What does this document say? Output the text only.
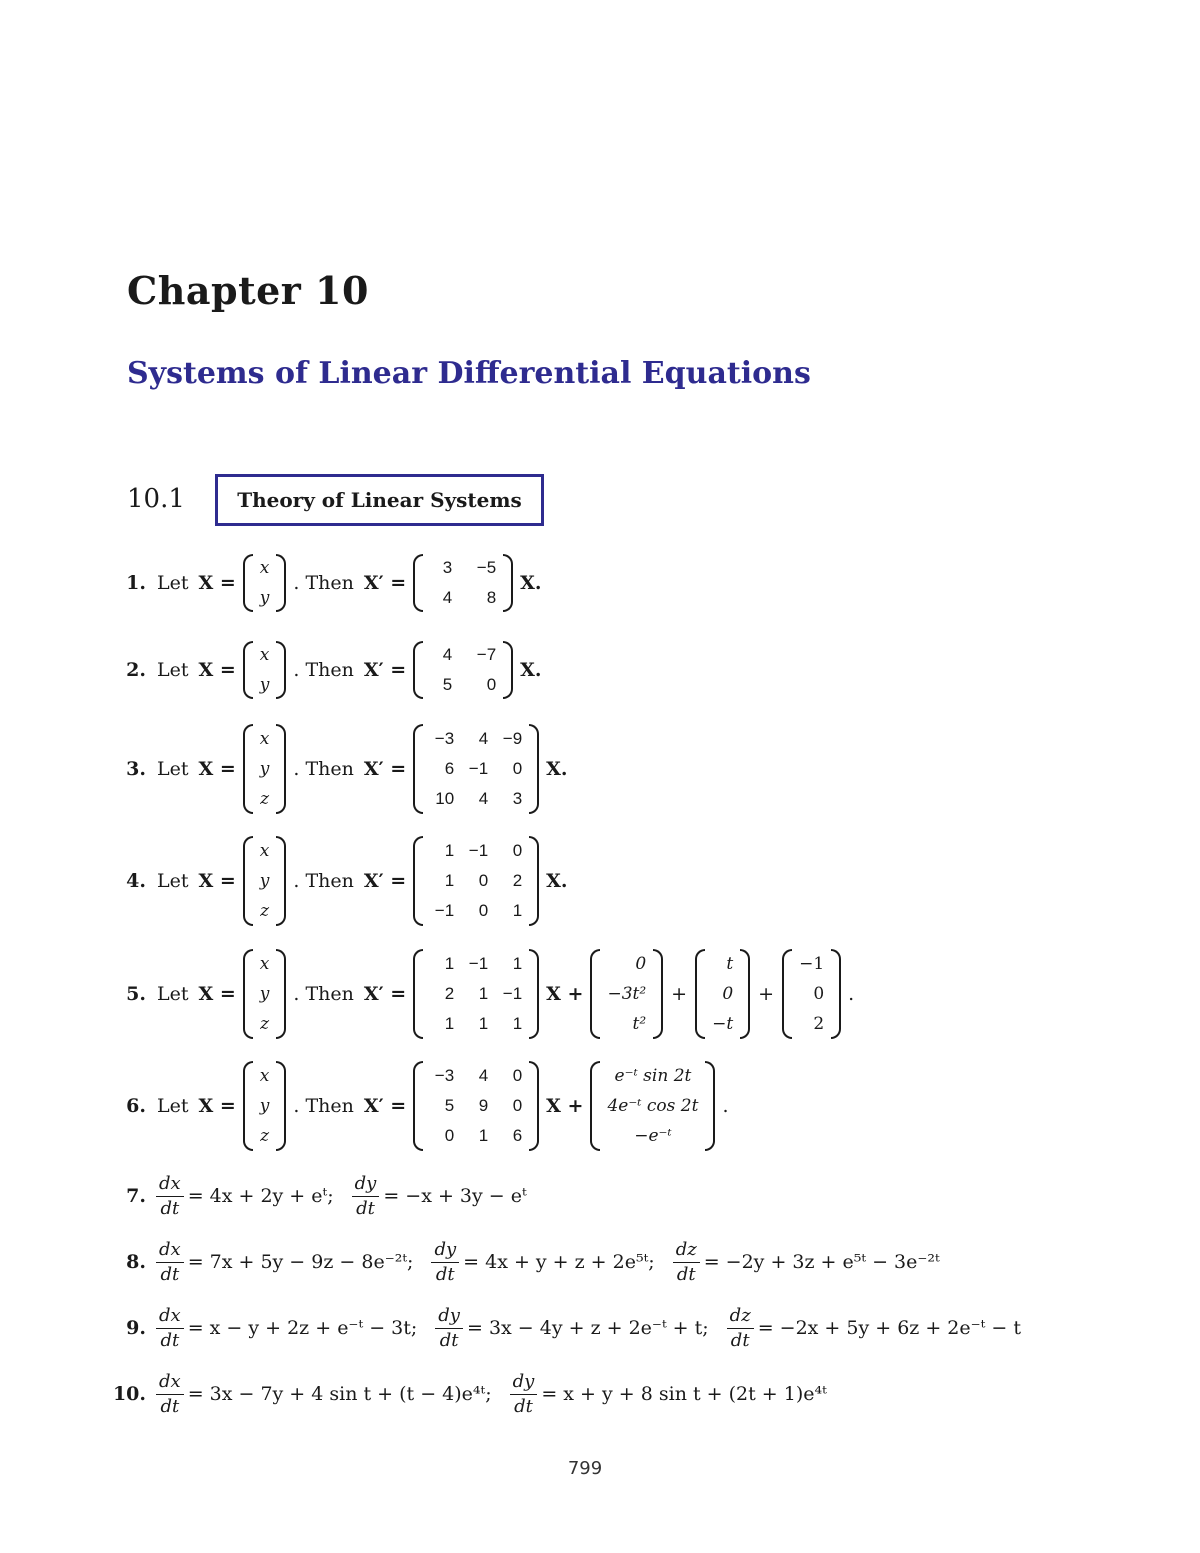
Chapter 10
Systems of Linear Differential Equations
10.1	Theory of Linear Systems
1. Let X =
x
y
. Then X′ =
3	−5
4	8
X.
2. Let X =
x
y
. Then X′ =
4	−7
5	0
X.
3. Let X =
x
y
z
. Then X′ =
−3	4 −9
6 −1	0
10	4	3
X.
4. Let X =
x
y
z
. Then X′ =
1 −1	0
1	0	2
−1	0	1
X.
5. Let X =
x
y
z
. Then X′ =
1 −1	1
2	1 −1
1	1	1
X +
0
−3t²
t²
+
t
0
−t
+
−1
0
2
.
6. Let X =
x
y
z
. Then X′ =
−3	4	0
5	9	0
0	1	6
X +
e⁻ᵗ sin 2t
4e⁻ᵗ cos 2t
−e⁻ᵗ
.
7. $\frac{dx}{dt} = 4x + 2y$ + eᵗ; $\frac{dy}{dt} = -x + 3y$ − eᵗ
8. $\frac{dx}{dt} = 7x + 5y - 9z$ − 8e⁻²ᵗ; $\frac{dy}{dt} = 4x + y + z$ + 2e⁵ᵗ; $\frac{dz}{dt} = -2y + 3z$ + e⁵ᵗ − 3e⁻²ᵗ
9. $\frac{dx}{dt} = x - y + 2z$ + e⁻ᵗ − 3t; $\frac{dy}{dt} = 3x - 4y + z$ + 2e⁻ᵗ + t; $\frac{dz}{dt} = -2x + 5y + 6z$ + 2e⁻ᵗ − t
10. $\frac{dx}{dt} = 3x - 7y + 4$ sin t + (t − 4)e⁴ᵗ; $\frac{dy}{dt} = x + y + 8$ sin t + (2t + 1)e⁴ᵗ
799
